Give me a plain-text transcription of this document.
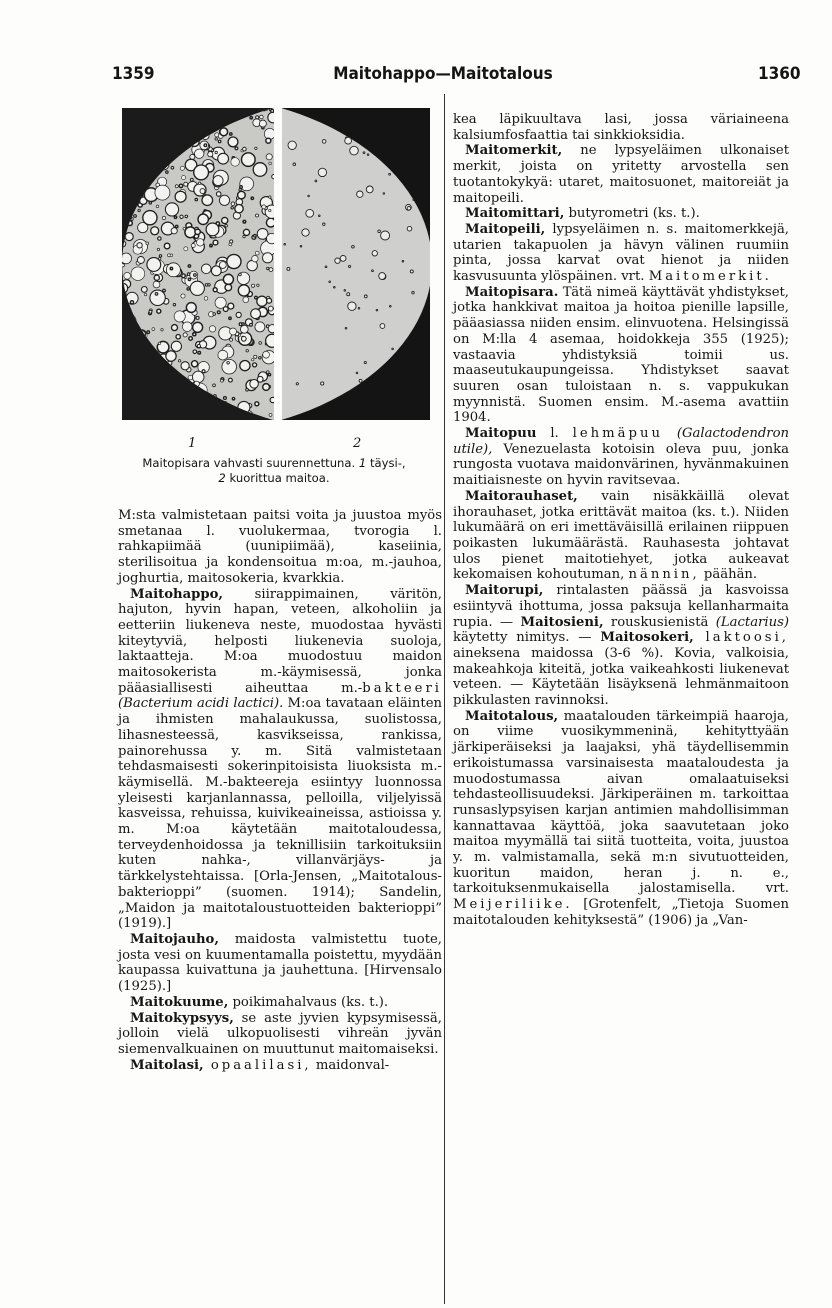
1359	Maitohappo—Maitotalous	1360
1	2
Maitopisara vahvasti suurennettuna. 1 täysi-,
2 kuorittua maitoa.

M:sta valmistetaan paitsi voita ja juustoa myös smetanaa l. vuolukermaa, tvorogia l. rahkapiimää (uunipiimää), kaseiinia, sterilisoitua ja kondensoitua m:oa, m.-jauhoa, joghurtia, maitosokeria, kvarkkia.

Maitohappo, siirappimainen, väritön, hajuton, hyvin hapan, veteen, alkoholiin ja eetteriin liukeneva neste, muodostaa hyvästi kiteytyviä, helposti liukenevia suoloja, laktaatteja. M:oa muodostuu maidon maitosokerista m.-käymisessä, jonka pääasiallisesti aiheuttaa m.-bakteeri (Bacterium acidi lactici). M:oa tavataan eläinten ja ihmisten mahalaukussa, suolistossa, lihasnesteessä, kasvikseissa, rankissa, painorehussa y. m. Sitä valmistetaan tehdasmaisesti sokerinpitoisista liuoksista m.-käymisellä. M.-bakteereja esiintyy luonnossa yleisesti karjanlannassa, pelloilla, viljelyissä kasveissa, rehuissa, kuivikeaineissa, astioissa y. m. M:oa käytetään maitotaloudessa, terveydenhoidossa ja teknillisiin tarkoituksiin kuten nahka-, villanvärjäys- ja tärkkelystehtaissa. [Orla-Jensen, „Maitotalous-bakterioppi” (suomen. 1914); Sandelin, „Maidon ja maitotaloustuotteiden bakterioppi” (1919).]

Maitojauho, maidosta valmistettu tuote, josta vesi on kuumentamalla poistettu, myydään kaupassa kuivattuna ja jauhettuna. [Hirvensalo (1925).]

Maitokuume, poikimahalvaus (ks. t.).

Maitokypsyys, se aste jyvien kypsymisessä, jolloin vielä ulkopuolisesti vihreän jyvän siemenvalkuainen on muuttunut maitomaiseksi.

Maitolasi, opaalilasi, maidonval-

kea läpikuultava lasi, jossa väriaineena kalsiumfosfaattia tai sinkkioksidia.

Maitomerkit, ne lypsyeläimen ulkonaiset merkit, joista on yritetty arvostella sen tuotantokykyä: utaret, maitosuonet, maitoreiät ja maitopeili.

Maitomittari, butyrometri (ks. t.).

Maitopeili, lypsyeläimen n. s. maitomerkkejä, utarien takapuolen ja hävyn välinen ruumiin pinta, jossa karvat ovat hienot ja niiden kasvusuunta ylöspäinen. vrt. Maitomerkit.

Maitopisara. Tätä nimeä käyttävät yhdistykset, jotka hankkivat maitoa ja hoitoa pienille lapsille, pääasiassa niiden ensim. elinvuotena. Helsingissä on M:lla 4 asemaa, hoidokkeja 355 (1925); vastaavia yhdistyksiä toimii us. maaseutukaupungeissa. Yhdistykset saavat suuren osan tuloistaan n. s. vappukukan myynnistä. Suomen ensim. M.-asema avattiin 1904.

Maitopuu l. lehmäpuu (Galactodendron utile), Venezuelasta kotoisin oleva puu, jonka rungosta vuotava maidonvärinen, hyvänmakuinen maitiaisneste on hyvin ravitsevaa.

Maitorauhaset, vain nisäkkäillä olevat ihorauhaset, jotka erittävät maitoa (ks. t.). Niiden lukumäärä on eri imettäväisillä erilainen riippuen poikasten lukumäärästä. Rauhasesta johtavat ulos pienet maitotiehyet, jotka aukeavat kekomaisen kohoutuman, nännin, päähän.

Maitorupi, rintalasten päässä ja kasvoissa esiintyvä ihottuma, jossa paksuja kellanharmaita rupia. — Maitosieni, rouskusienistä (Lactarius) käytetty nimitys. — Maitosokeri, laktoosi, aineksena maidossa (3-6 %). Kovia, valkoisia, makeahkoja kiteitä, jotka vaikeahkosti liukenevat veteen. — Käytetään lisäyksenä lehmänmaitoon pikkulasten ravinnoksi.

Maitotalous, maatalouden tärkeimpiä haaroja, on viime vuosikymmeninä, kehityttyään järkiperäiseksi ja laajaksi, yhä täydellisemmin erikoistumassa varsinaisesta maataloudesta ja muodostumassa aivan omalaatuiseksi tehdasteollisuudeksi. Järkiperäinen m. tarkoittaa runsaslypsyisen karjan antimien mahdollisimman kannattavaa käyttöä, joka saavutetaan joko maitoa myymällä tai siitä tuotteita, voita, juustoa y. m. valmistamalla, sekä m:n sivutuotteiden, kuoritun maidon, heran j. n. e., tarkoituksenmukaisella jalostamisella. vrt. Meijeriliike. [Grotenfelt, „Tietoja Suomen maitotalouden kehityksestä” (1906) ja „Van-
